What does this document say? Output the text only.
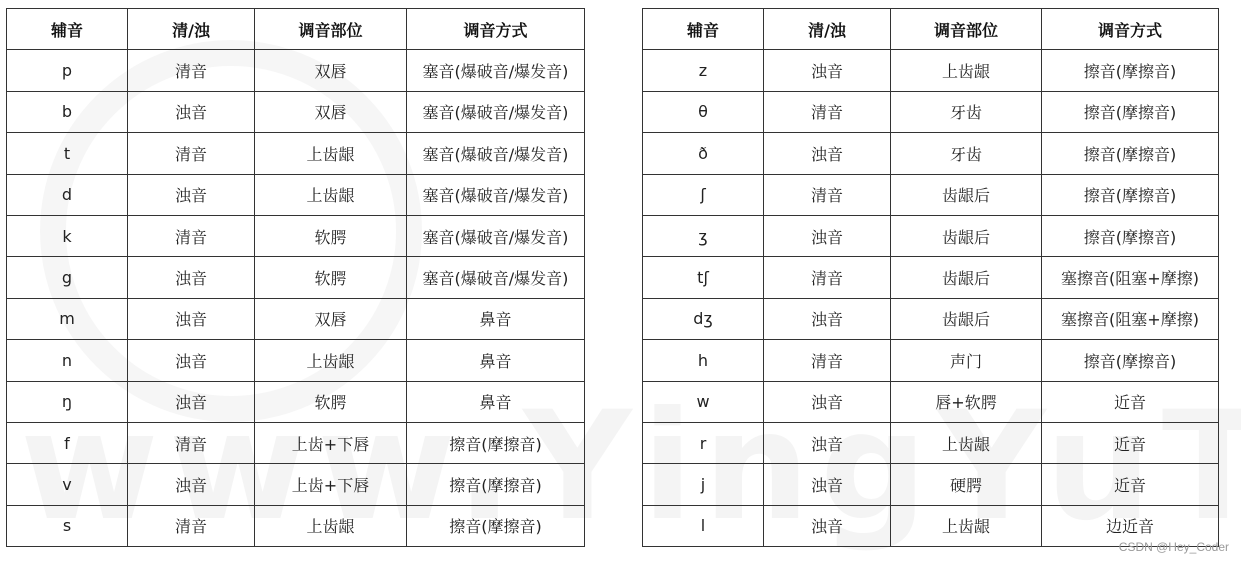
辅音	清/浊	调音部位	调音方式
p	清音	双唇	塞音(爆破音/爆发音)
b	浊音	双唇	塞音(爆破音/爆发音)
t	清音	上齿龈	塞音(爆破音/爆发音)
d	浊音	上齿龈	塞音(爆破音/爆发音)
k	清音	软腭	塞音(爆破音/爆发音)
g	浊音	软腭	塞音(爆破音/爆发音)
m	浊音	双唇	鼻音
n	浊音	上齿龈	鼻音
ŋ	浊音	软腭	鼻音
f	清音	上齿+下唇	擦音(摩擦音)
v	浊音	上齿+下唇	擦音(摩擦音)
s	清音	上齿龈	擦音(摩擦音)
辅音	清/浊	调音部位	调音方式
z	浊音	上齿龈	擦音(摩擦音)
θ	清音	牙齿	擦音(摩擦音)
ð	浊音	牙齿	擦音(摩擦音)
ʃ	清音	齿龈后	擦音(摩擦音)
ʒ	浊音	齿龈后	擦音(摩擦音)
tʃ	清音	齿龈后	塞擦音(阻塞+摩擦)
dʒ	浊音	齿龈后	塞擦音(阻塞+摩擦)
h	清音	声门	擦音(摩擦音)
w	浊音	唇+软腭	近音
r	浊音	上齿龈	近音
j	浊音	硬腭	近音
l	浊音	上齿龈	边近音
CSDN @Hey_Coder
